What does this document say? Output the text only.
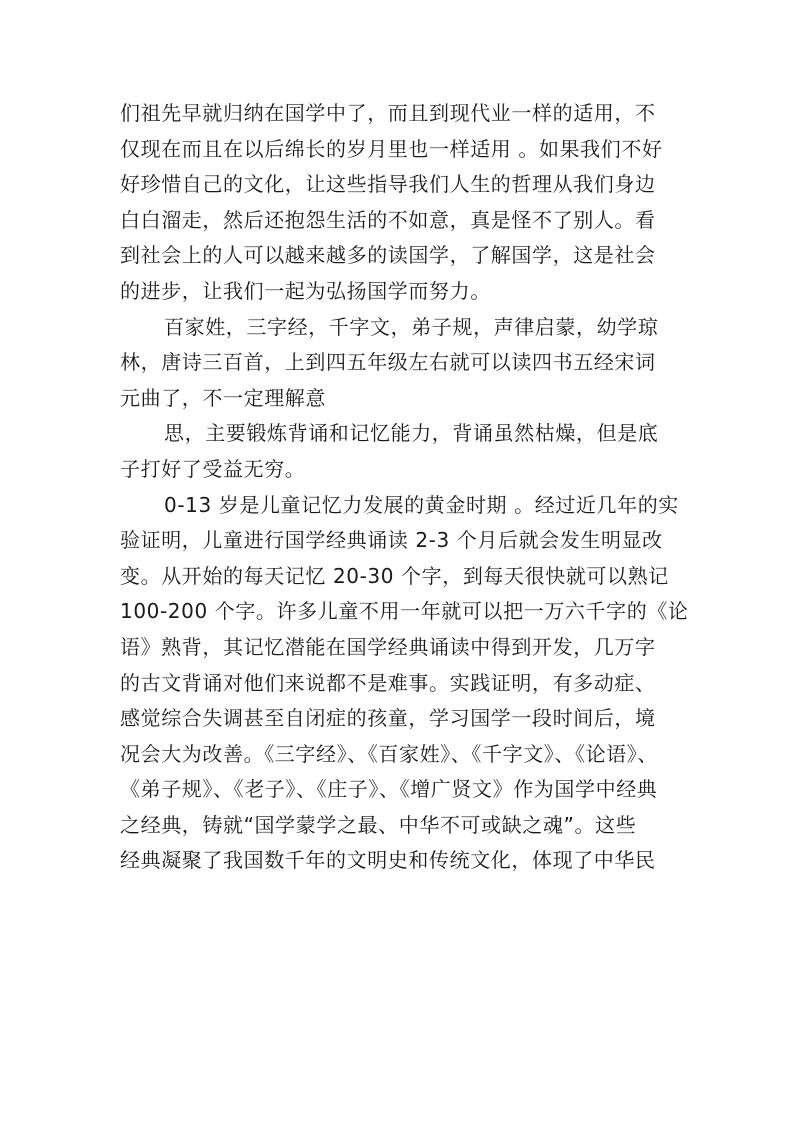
们祖先早就归纳在国学中了，而且到现代业一样的适用，不
仅现在而且在以后绵长的岁月里也一样适用 。如果我们不好
好珍惜自己的文化，让这些指导我们人生的哲理从我们身边
白白溜走，然后还抱怨生活的不如意，真是怪不了别人。看
到社会上的人可以越来越多的读国学，了解国学，这是社会
的进步，让我们一起为弘扬国学而努力。
百家姓，三字经，千字文，弟子规，声律启蒙，幼学琼
林，唐诗三百首，上到四五年级左右就可以读四书五经宋词
元曲了，不一定理解意
思，主要锻炼背诵和记忆能力，背诵虽然枯燥，但是底
子打好了受益无穷。
0-13 岁是儿童记忆力发展的黄金时期 。经过近几年的实
验证明，儿童进行国学经典诵读 2-3 个月后就会发生明显改
变。从开始的每天记忆 20-30 个字，到每天很快就可以熟记
100-200 个字。许多儿童不用一年就可以把一万六千字的《论
语》熟背，其记忆潜能在国学经典诵读中得到开发，几万字
的古文背诵对他们来说都不是难事。实践证明，有多动症、
感觉综合失调甚至自闭症的孩童，学习国学一段时间后，境
况会大为改善。《三字经》、《百家姓》、《千字文》、《论语》、
《弟子规》、《老子》、《庄子》、《增广贤文》作为国学中经典
之经典，铸就“国学蒙学之最、中华不可或缺之魂”。这些
经典凝聚了我国数千年的文明史和传统文化，体现了中华民
